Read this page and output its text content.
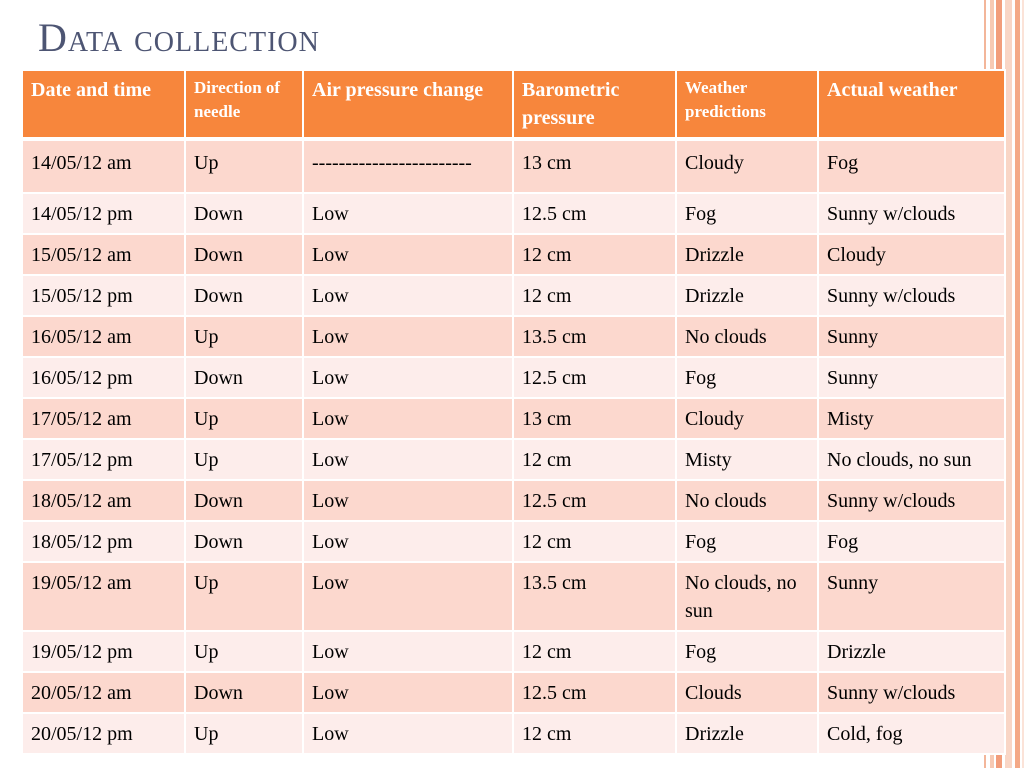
Data collection
Date and time	Direction of needle	Air pressure change	Barometric pressure	Weather predictions	Actual weather
14/05/12 am	Up	------------------------	13 cm	Cloudy	Fog
14/05/12 pm	Down	Low	12.5 cm	Fog	Sunny w/clouds
15/05/12 am	Down	Low	12 cm	Drizzle	Cloudy
15/05/12 pm	Down	Low	12 cm	Drizzle	Sunny w/clouds
16/05/12 am	Up	Low	13.5 cm	No clouds	Sunny
16/05/12 pm	Down	Low	12.5 cm	Fog	Sunny
17/05/12 am	Up	Low	13 cm	Cloudy	Misty
17/05/12 pm	Up	Low	12 cm	Misty	No clouds, no sun
18/05/12 am	Down	Low	12.5 cm	No clouds	Sunny w/clouds
18/05/12 pm	Down	Low	12 cm	Fog	Fog
19/05/12 am	Up	Low	13.5 cm	No clouds, no sun	Sunny
19/05/12 pm	Up	Low	12 cm	Fog	Drizzle
20/05/12 am	Down	Low	12.5 cm	Clouds	Sunny w/clouds
20/05/12 pm	Up	Low	12 cm	Drizzle	Cold, fog
